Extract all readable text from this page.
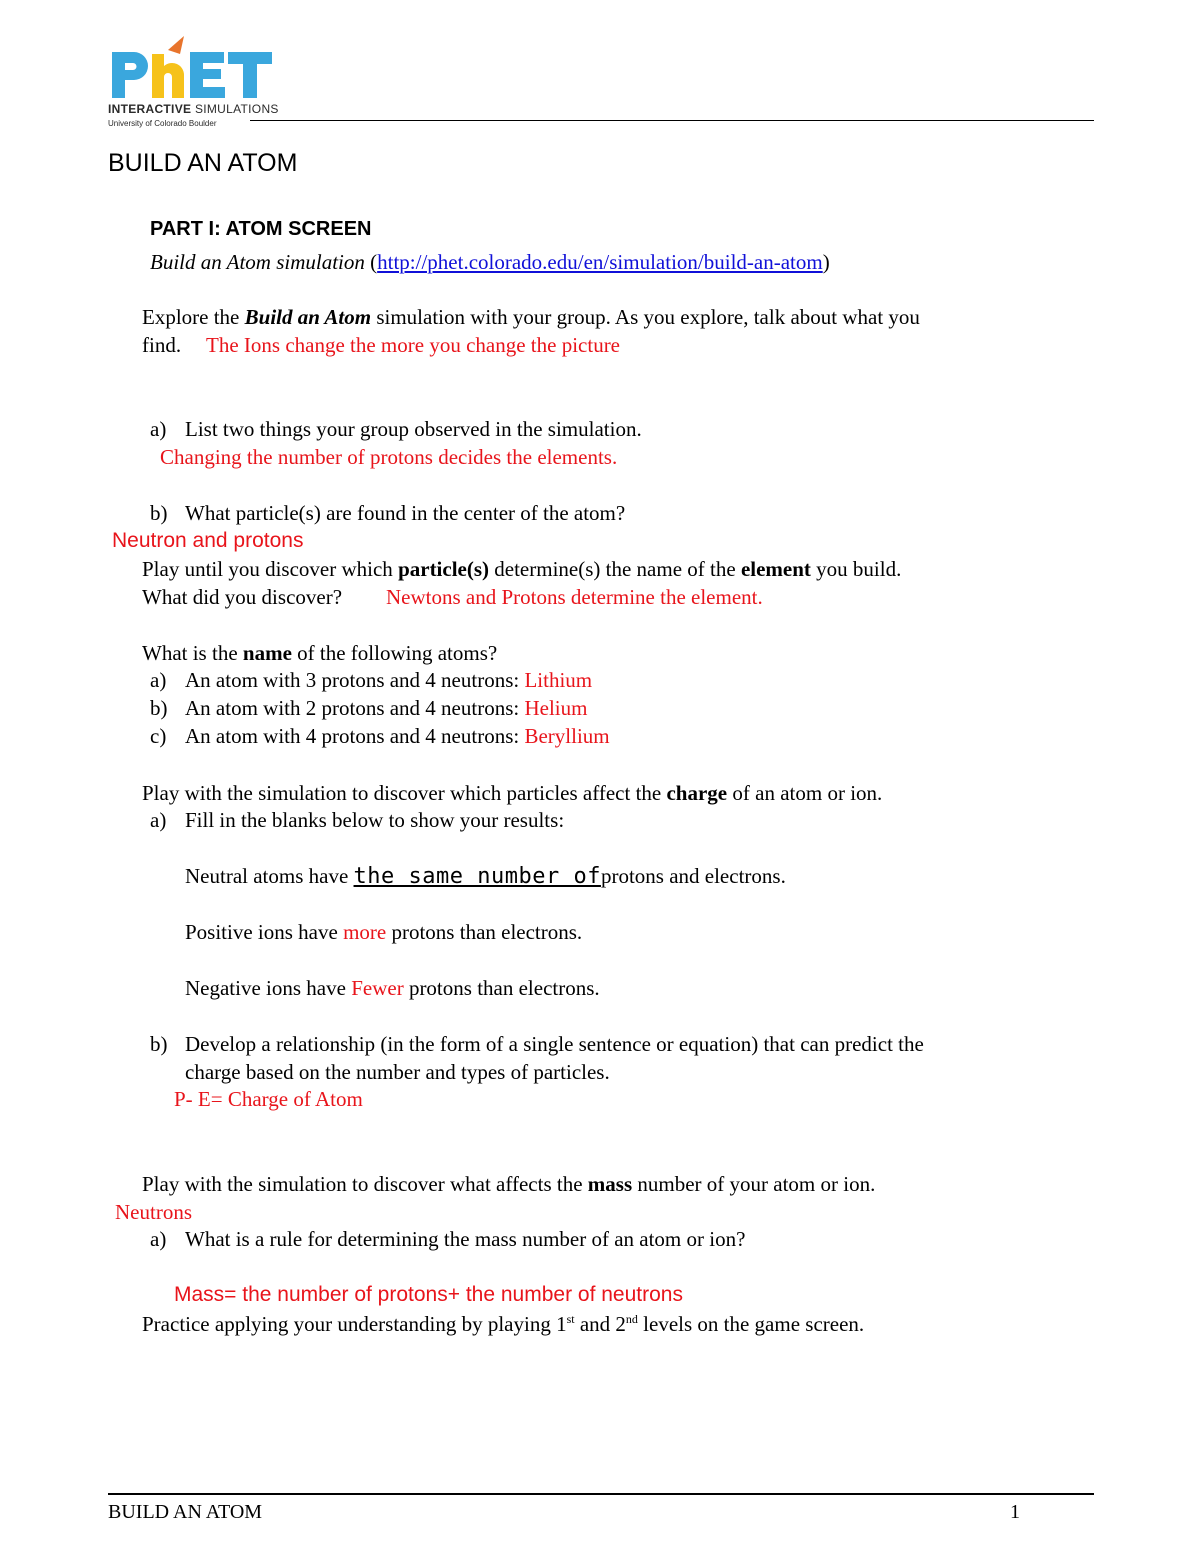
INTERACTIVE SIMULATIONS
University of Colorado Boulder
BUILD AN ATOM
PART I: ATOM SCREEN
Build an Atom simulation (http://phet.colorado.edu/en/simulation/build-an-atom)
Explore the Build an Atom simulation with your group. As you explore, talk about what you
find. The Ions change the more you change the picture
a) List two things your group observed in the simulation.
Changing the number of protons decides the elements.
b) What particle(s) are found in the center of the atom?
Neutron and protons
Play until you discover which particle(s) determine(s) the name of the element you build.
What did you discover? Newtons and Protons determine the element.
What is the name of the following atoms?
a) An atom with 3 protons and 4 neutrons: Lithium
b) An atom with 2 protons and 4 neutrons: Helium
c) An atom with 4 protons and 4 neutrons: Beryllium
Play with the simulation to discover which particles affect the charge of an atom or ion.
a) Fill in the blanks below to show your results:
Neutral atoms have the same number ofprotons and electrons.
Positive ions have more protons than electrons.
Negative ions have Fewer protons than electrons.
b) Develop a relationship (in the form of a single sentence or equation) that can predict the
charge based on the number and types of particles.
P- E= Charge of Atom
Play with the simulation to discover what affects the mass number of your atom or ion.
Neutrons
a) What is a rule for determining the mass number of an atom or ion?
Mass= the number of protons+ the number of neutrons
Practice applying your understanding by playing 1st and 2nd levels on the game screen.
BUILD AN ATOM	1
